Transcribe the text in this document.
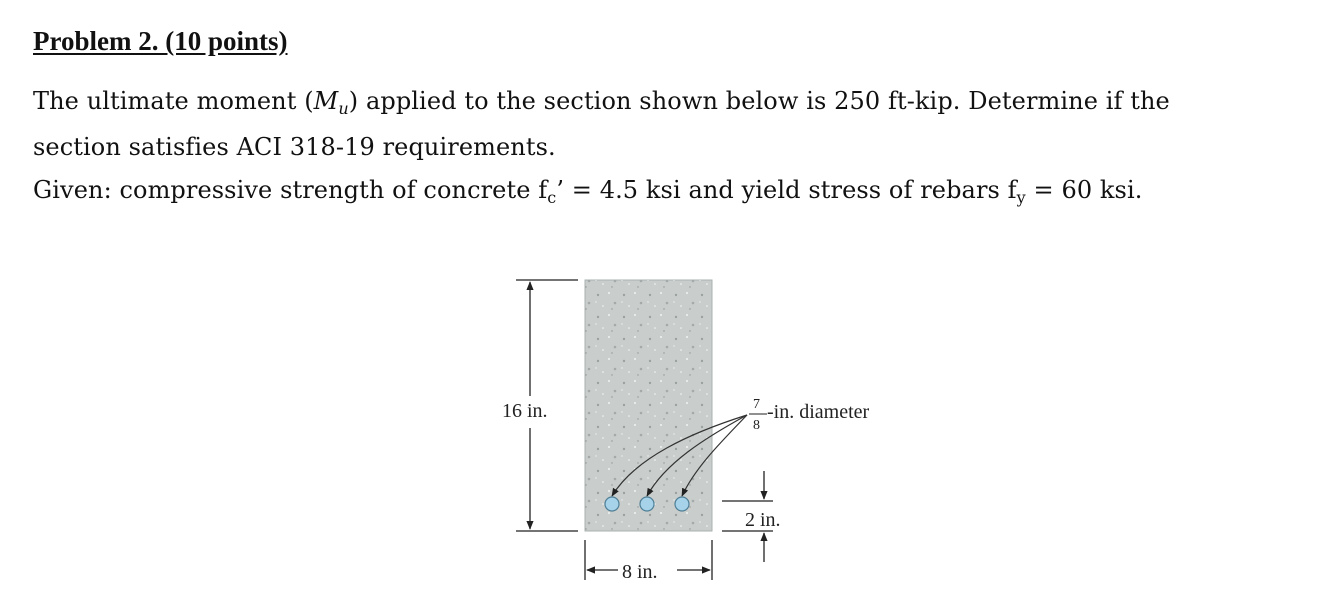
Problem 2. (10 points)
The ultimate moment $(M_u)$ applied to the section shown below is 250 ft-kip. Determine if the
section satisfies ACI 318-19 requirements.
Given: compressive strength of concrete $f_c$’ = 4.5 ksi and yield stress of rebars $f_y = 60$ ksi.
16 in.
8 in.
2 in.
7
8
-in. diameter
